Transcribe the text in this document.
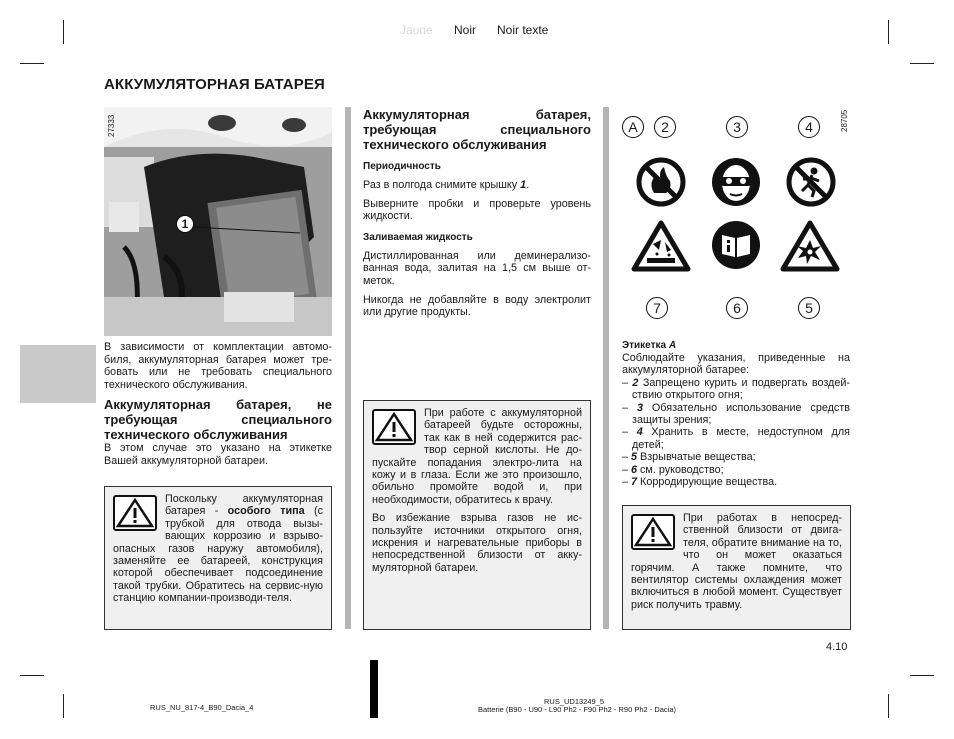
Jaune Noir Noir texte
АККУМУЛЯТОРНАЯ БАТАРЕЯ
1
27333

В зависимости от комплектации автомо-биля, аккумуляторная батарея может тре-бовать или не требовать специального технического обслуживания.

Аккумуляторная батарея, не требующая специального технического обслуживания

В этом случае это указано на этикетке Вашей аккумуляторной батареи.

Поскольку аккумуляторная батарея - особого типа (с трубкой для отвода вызы-вающих коррозию и взрыво-опасных газов наружу автомобиля), заменяйте ее батареей, конструкция которой обеспечивает подсоединение такой трубки. Обратитесь на сервис-ную станцию компании-производи-теля.

Аккумуляторная батарея, требующая специального технического обслуживания

Периодичность

Раз в полгода снимите крышку 1.

Выверните пробки и проверьте уровень жидкости.

Заливаемая жидкость

Дистиллированная или деминерализо-ванная вода, залитая на 1,5 см выше от-меток.

Никогда не добавляйте в воду электролит или другие продукты.

При работе с аккумуляторной батареей будьте осторожны, так как в ней содержится рас-твор серной кислоты. Не до-пускайте попадания электро-лита на кожу и в глаза. Если же это произошло, обильно промойте водой и, при необходимости, обратитесь к врачу.

Во избежание взрыва газов не ис-пользуйте источники открытого огня, искрения и нагревательные приборы в непосредственной близости от акку-муляторной батареи.

28705
A	2	3	4
7	6	5

Этикетка A

Соблюдайте указания, приведенные на аккумуляторной батарее:

– 2 Запрещено курить и подвергать воздей-ствию открытого огня;
– 3 Обязательно использование средств защиты зрения;
– 4 Хранить в месте, недоступном для детей;
– 5 Взрывчатые вещества;
– 6 см. руководство;
– 7 Корродирующие вещества.

При работах в непосред-ственной близости от двига-теля, обратите внимание на то, что он может оказаться горячим. А также помните, что вентилятор системы охлаждения может включиться в любой момент. Существует риск получить травму.

4.10
RUS_NU_817-4_B90_Dacia_4
RUS_UD13249_5
Batterie (B90 - U90 - L90 Ph2 - F90 Ph2 - R90 Ph2 - Dacia)
